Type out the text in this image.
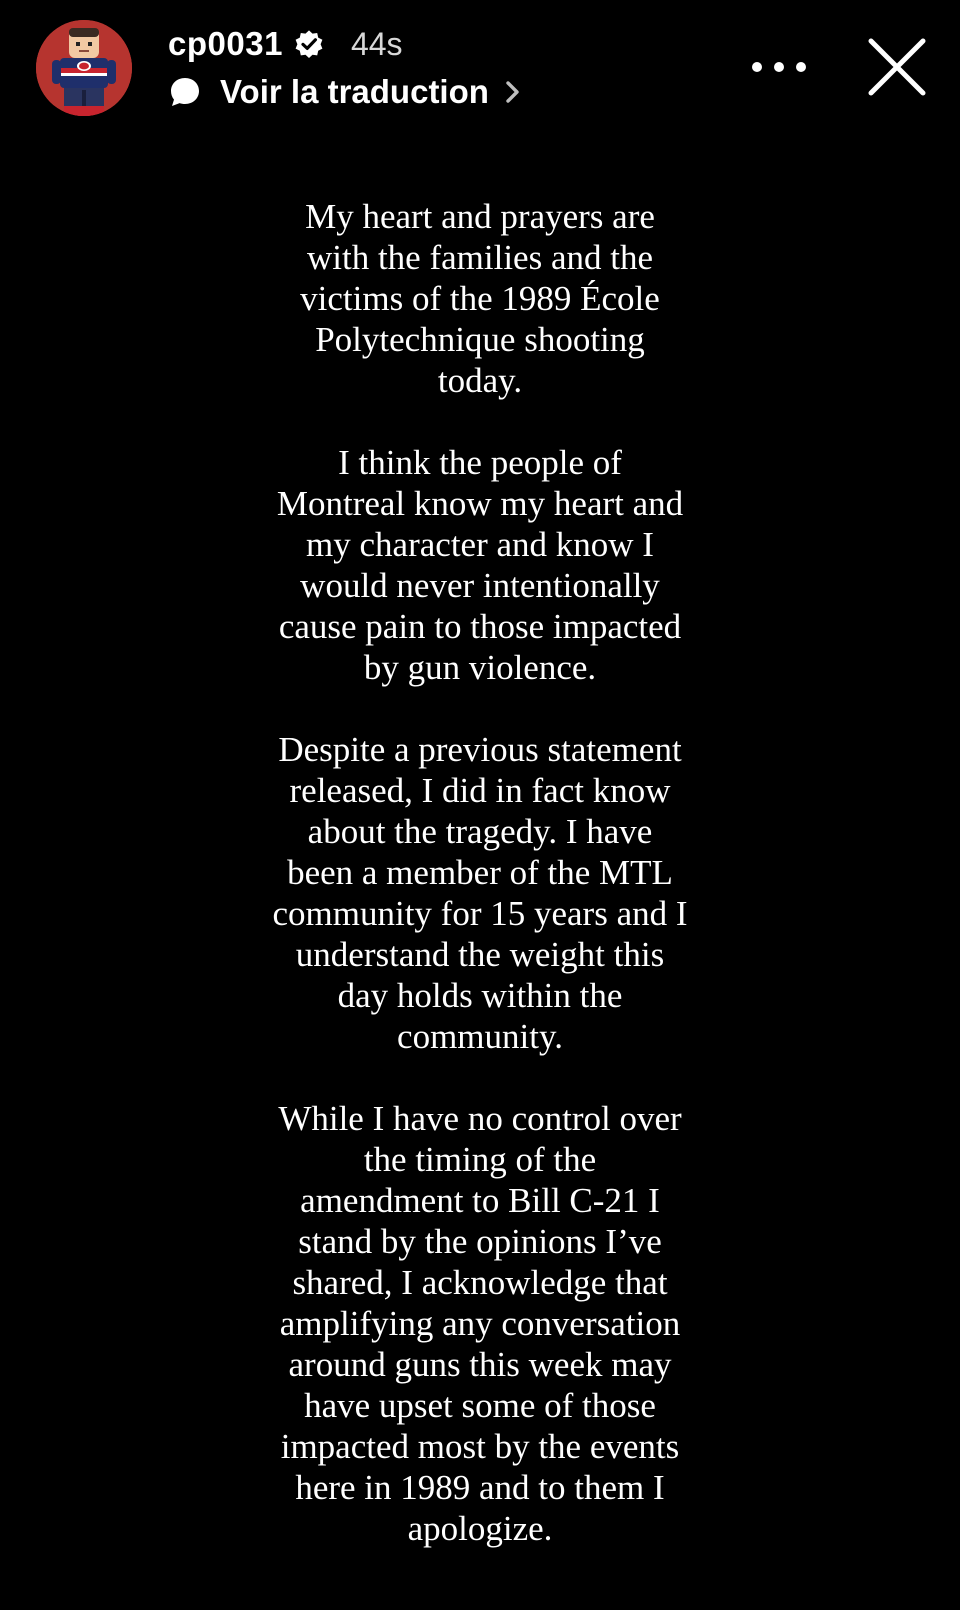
cp0031 44s
Voir la traduction

My heart and prayers are
with the families and the
victims of the 1989 École
Polytechnique shooting
today.

I think the people of
Montreal know my heart and
my character and know I
would never intentionally
cause pain to those impacted
by gun violence.

Despite a previous statement
released, I did in fact know
about the tragedy. I have
been a member of the MTL
community for 15 years and I
understand the weight this
day holds within the
community.

While I have no control over
the timing of the
amendment to Bill C-21 I
stand by the opinions I’ve
shared, I acknowledge that
amplifying any conversation
around guns this week may
have upset some of those
impacted most by the events
here in 1989 and to them I
apologize.
